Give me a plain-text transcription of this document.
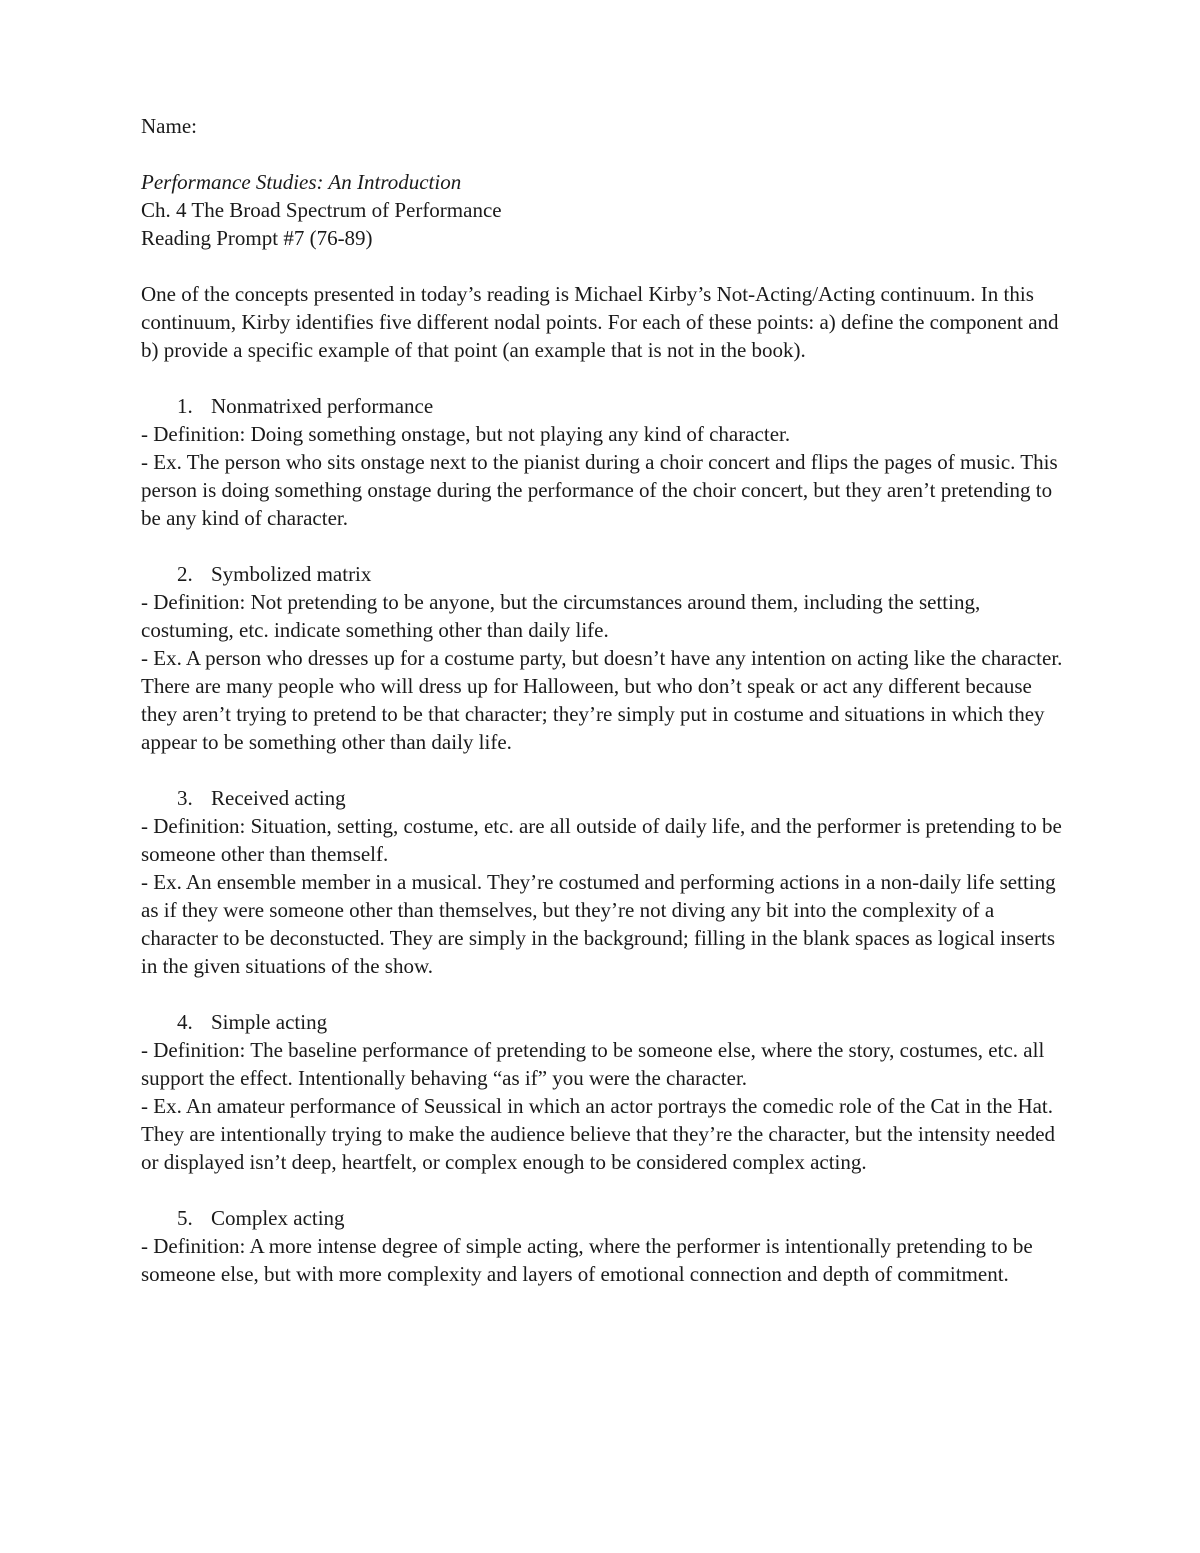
Name:

Performance Studies: An Introduction

Ch. 4 The Broad Spectrum of Performance

Reading Prompt #7 (76-89)

One of the concepts presented in today’s reading is Michael Kirby’s Not-Acting/Acting continuum. In this continuum, Kirby identifies five different nodal points. For each of these points: a) define the component and b) provide a specific example of that point (an example that is not in the book).

1. Nonmatrixed performance

- Definition: Doing something onstage, but not playing any kind of character.

- Ex. The person who sits onstage next to the pianist during a choir concert and flips the pages of music. This person is doing something onstage during the performance of the choir concert, but they aren’t pretending to be any kind of character.

2. Symbolized matrix

- Definition: Not pretending to be anyone, but the circumstances around them, including the setting, costuming, etc. indicate something other than daily life.

- Ex. A person who dresses up for a costume party, but doesn’t have any intention on acting like the character. There are many people who will dress up for Halloween, but who don’t speak or act any different because they aren’t trying to pretend to be that character; they’re simply put in costume and situations in which they appear to be something other than daily life.

3. Received acting

- Definition: Situation, setting, costume, etc. are all outside of daily life, and the performer is pretending to be someone other than themself.

- Ex. An ensemble member in a musical. They’re costumed and performing actions in a non-daily life setting as if they were someone other than themselves, but they’re not diving any bit into the complexity of a character to be deconstucted. They are simply in the background; filling in the blank spaces as logical inserts in the given situations of the show.

4. Simple acting

- Definition: The baseline performance of pretending to be someone else, where the story, costumes, etc. all support the effect. Intentionally behaving “as if” you were the character.

- Ex. An amateur performance of Seussical in which an actor portrays the comedic role of the Cat in the Hat. They are intentionally trying to make the audience believe that they’re the character, but the intensity needed or displayed isn’t deep, heartfelt, or complex enough to be considered complex acting.

5. Complex acting

- Definition: A more intense degree of simple acting, where the performer is intentionally pretending to be someone else, but with more complexity and layers of emotional connection and depth of commitment.
